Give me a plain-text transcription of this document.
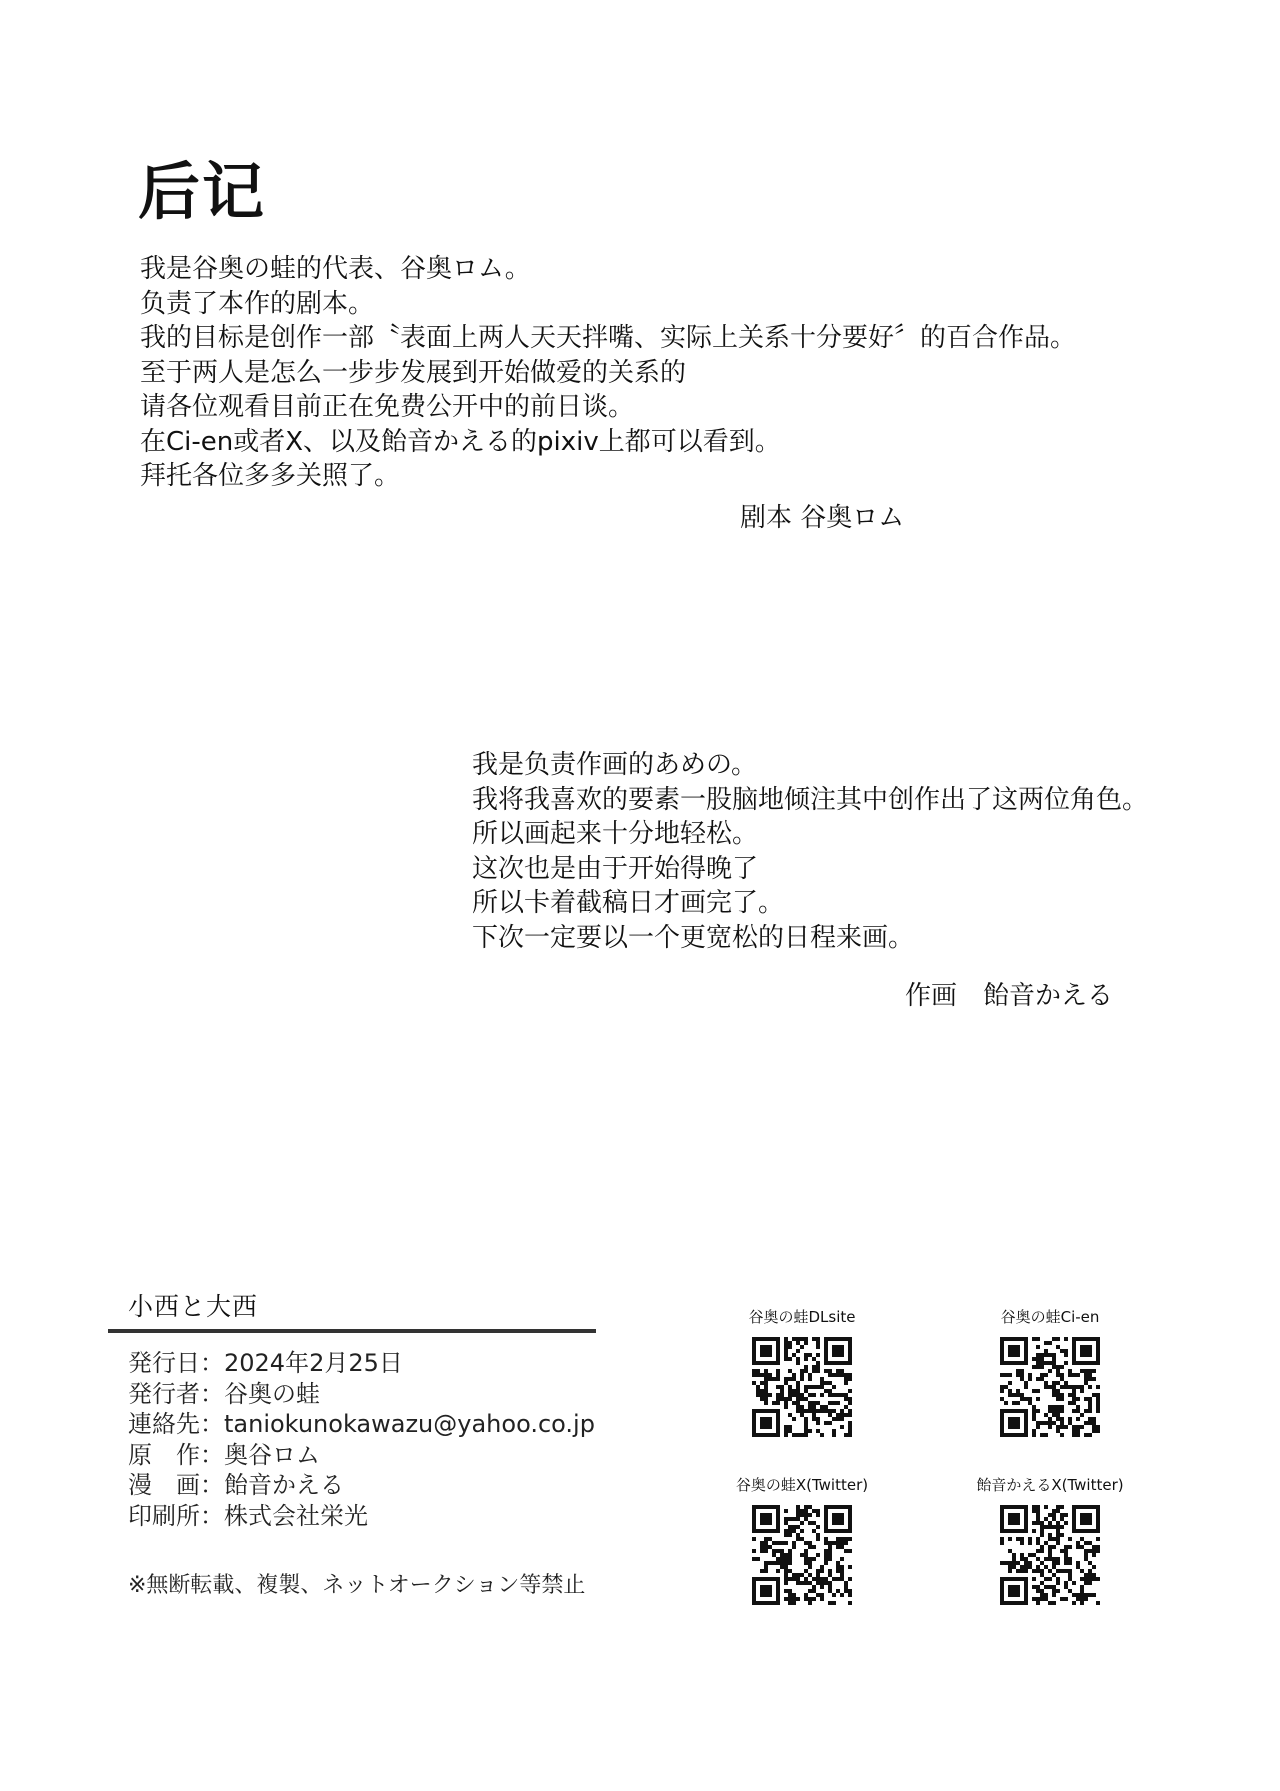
后记
我是谷奥の蛙的代表、谷奥ロム。
负责了本作的剧本。
我的目标是创作一部〝表面上两人天天拌嘴、实际上关系十分要好〞的百合作品。
至于两人是怎么一步步发展到开始做爱的关系的
请各位观看目前正在免费公开中的前日谈。
在Ci-en或者X、以及飴音かえる的pixiv上都可以看到。
拜托各位多多关照了。
剧本 谷奥ロム
我是负责作画的あめの。
我将我喜欢的要素一股脑地倾注其中创作出了这两位角色。
所以画起来十分地轻松。
这次也是由于开始得晚了
所以卡着截稿日才画完了。
下次一定要以一个更宽松的日程来画。
作画　飴音かえる
小西と大西
発行日：2024年2月25日
発行者：谷奥の蛙
連絡先：taniokunokawazu@yahoo.co.jp
原　作：奥谷ロム
漫　画：飴音かえる
印刷所：株式会社栄光
※無断転載、複製、ネットオークション等禁止
谷奥の蛙DLsite	谷奥の蛙Ci-en
谷奥の蛙X(Twitter)	飴音かえるX(Twitter)
